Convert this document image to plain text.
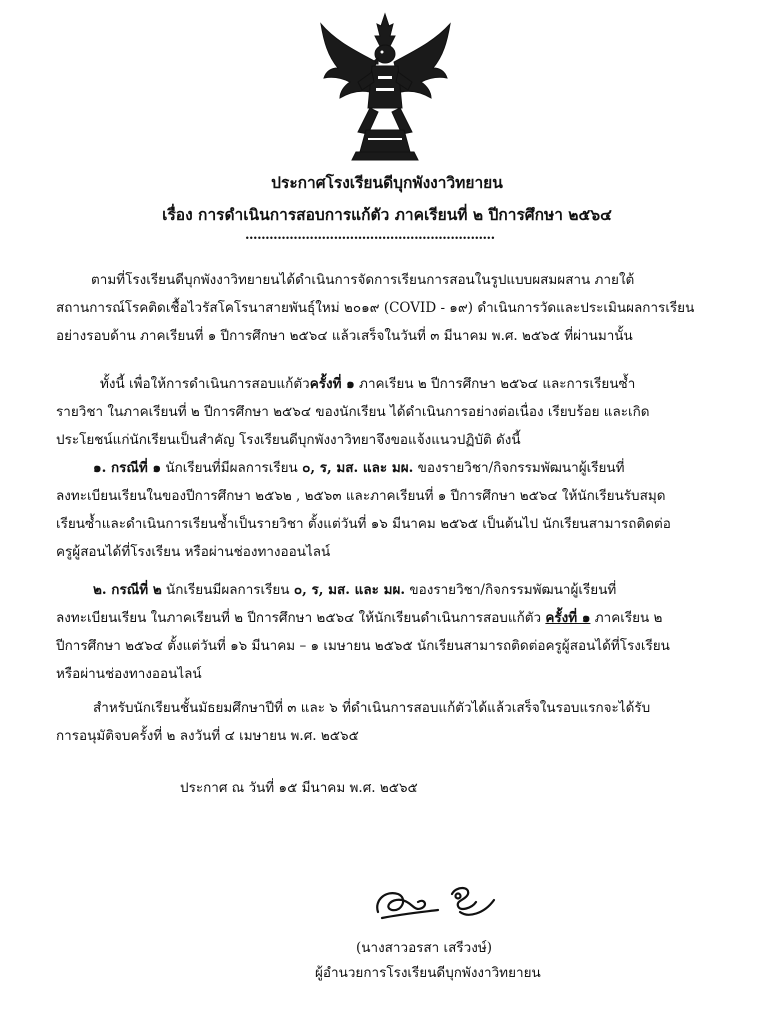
ประกาศโรงเรียนดีบุกพังงาวิทยายน
เรื่อง การดำเนินการสอบการแก้ตัว ภาคเรียนที่ ๒ ปีการศึกษา ๒๕๖๔
..............................................................
ตามที่โรงเรียนดีบุกพังงาวิทยายนได้ดำเนินการจัดการเรียนการสอนในรูปแบบผสมผสาน ภายใต้
สถานการณ์โรคติดเชื้อไวรัสโคโรนาสายพันธุ์ใหม่ ๒๐๑๙ (COVID - ๑๙) ดำเนินการวัดและประเมินผลการเรียน
อย่างรอบด้าน ภาคเรียนที่ ๑ ปีการศึกษา ๒๕๖๔ แล้วเสร็จในวันที่ ๓ มีนาคม พ.ศ. ๒๕๖๕ ที่ผ่านมานั้น
ทั้งนี้ เพื่อให้การดำเนินการสอบแก้ตัวครั้งที่ ๑ ภาคเรียน ๒ ปีการศึกษา ๒๕๖๔ และการเรียนซ้ำ
รายวิชา ในภาคเรียนที่ ๒ ปีการศึกษา ๒๕๖๔ ของนักเรียน ได้ดำเนินการอย่างต่อเนื่อง เรียบร้อย และเกิด
ประโยชน์แก่นักเรียนเป็นสำคัญ โรงเรียนดีบุกพังงาวิทยาจึงขอแจ้งแนวปฏิบัติ ดังนี้
๑. กรณีที่ ๑ นักเรียนที่มีผลการเรียน ๐, ร, มส. และ มผ. ของรายวิชา/กิจกรรมพัฒนาผู้เรียนที่
ลงทะเบียนเรียนในของปีการศึกษา ๒๕๖๒ , ๒๕๖๓ และภาคเรียนที่ ๑ ปีการศึกษา ๒๕๖๔ ให้นักเรียนรับสมุด
เรียนซ้ำและดำเนินการเรียนซ้ำเป็นรายวิชา ตั้งแต่วันที่ ๑๖ มีนาคม ๒๕๖๕ เป็นต้นไป นักเรียนสามารถติดต่อ
ครูผู้สอนได้ที่โรงเรียน หรือผ่านช่องทางออนไลน์
๒. กรณีที่ ๒ นักเรียนมีผลการเรียน ๐, ร, มส. และ มผ. ของรายวิชา/กิจกรรมพัฒนาผู้เรียนที่
ลงทะเบียนเรียน ในภาคเรียนที่ ๒ ปีการศึกษา ๒๕๖๔ ให้นักเรียนดำเนินการสอบแก้ตัว ครั้งที่ ๑ ภาคเรียน ๒
ปีการศึกษา ๒๕๖๔ ตั้งแต่วันที่ ๑๖ มีนาคม – ๑ เมษายน ๒๕๖๕ นักเรียนสามารถติดต่อครูผู้สอนได้ที่โรงเรียน
หรือผ่านช่องทางออนไลน์
สำหรับนักเรียนชั้นมัธยมศึกษาปีที่ ๓ และ ๖ ที่ดำเนินการสอบแก้ตัวได้แล้วเสร็จในรอบแรกจะได้รับ
การอนุมัติจบครั้งที่ ๒ ลงวันที่ ๔ เมษายน พ.ศ. ๒๕๖๕
ประกาศ ณ วันที่ ๑๕ มีนาคม พ.ศ. ๒๕๖๕
(นางสาวอรสา เสรีวงษ์)
ผู้อำนวยการโรงเรียนดีบุกพังงาวิทยายน
